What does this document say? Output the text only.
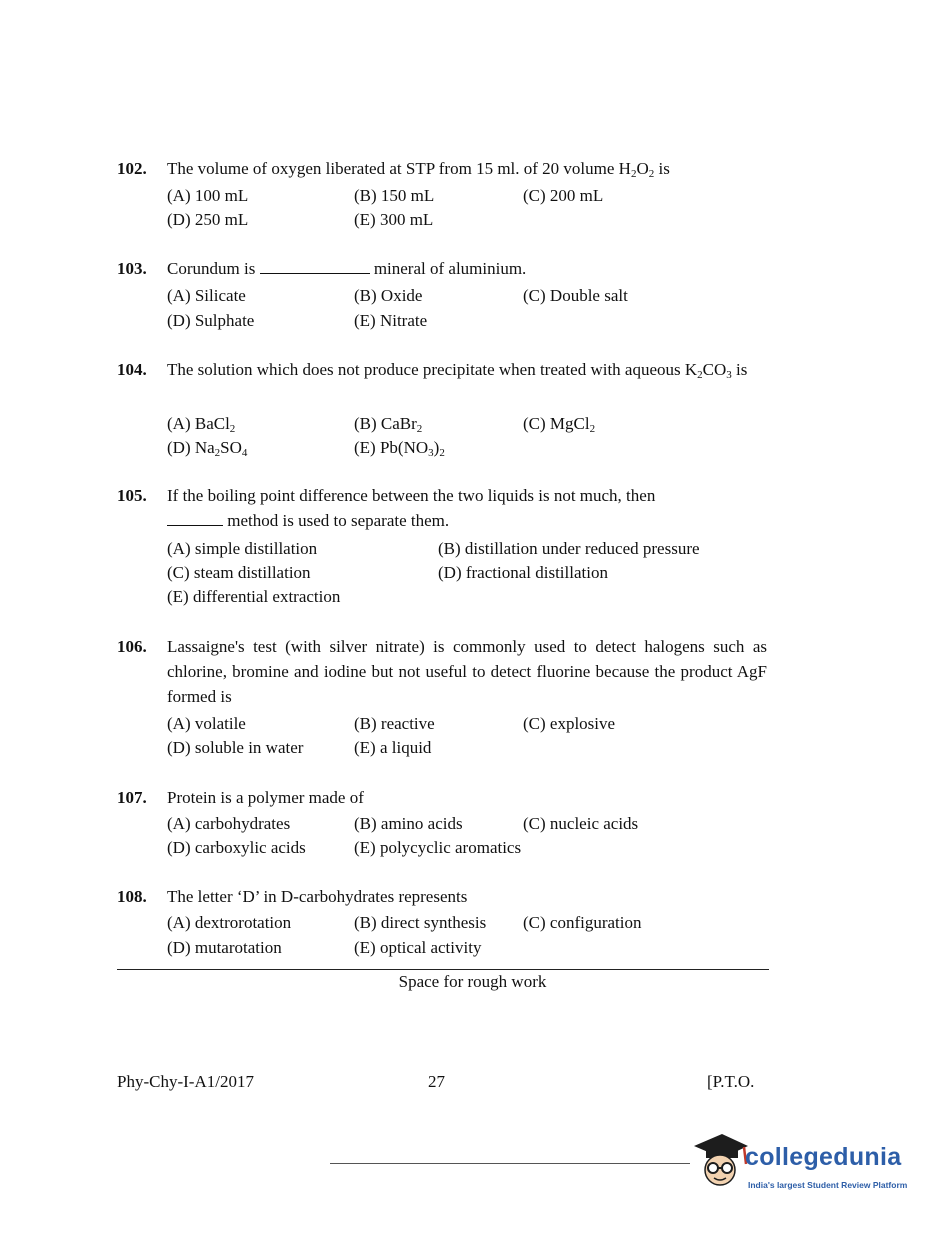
102. The volume of oxygen liberated at STP from 15 ml. of 20 volume $H_2O_2$ is
(A) 100 mL	(B) 150 mL	(C) 200 mL
(D) 250 mL	(E) 300 mL
103. Corundum is	mineral of aluminium.
(A) Silicate	(B) Oxide	(C) Double salt
(D) Sulphate	(E) Nitrate
104. The solution which does not produce precipitate when treated with aqueous $K_2CO_3$ is
(A) BaCl$_2$	(B) CaBr$_2$	(C) MgCl$_2$
(D) $Na_2SO_4$	(E) $Pb(NO_3)_2$
105. If the boiling point difference between the two liquids is not much, then
method is used to separate them.
(A) simple distillation	(B) distillation under reduced pressure
(C) steam distillation	(D) fractional distillation
(E) differential extraction
106. Lassaigne's test (with silver nitrate) is commonly used to detect halogens such as chlorine, bromine and iodine but not useful to detect fluorine because the product AgF formed is
(A) volatile	(B) reactive	(C) explosive
(D) soluble in water	(E) a liquid
107. Protein is a polymer made of
(A) carbohydrates	(B) amino acids	(C) nucleic acids
(D) carboxylic acids	(E) polycyclic aromatics
108. The letter ‘D’ in D-carbohydrates represents
(A) dextrorotation	(B) direct synthesis (C) configuration
(D) mutarotation	(E) optical activity
Space for rough work
Phy-Chy-I-A1/2017	27	[P.T.O.
collegedunia
India's largest Student Review Platform
